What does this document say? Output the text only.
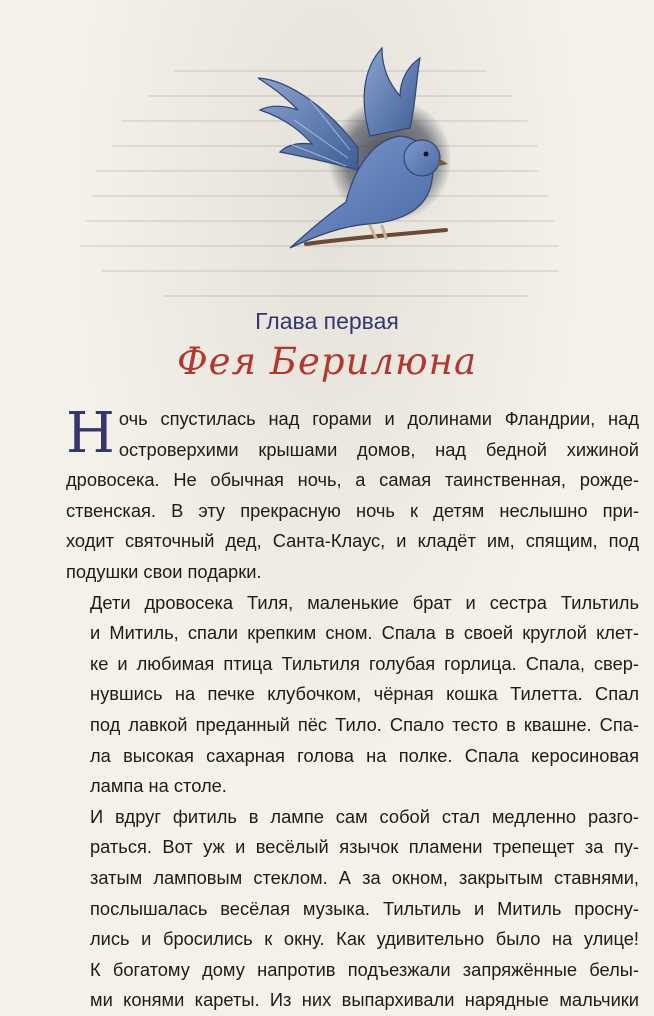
Глава первая
Фея Берилюна

Н очь спустилась над горами и долинами Фландрии, над
островерхими крышами домов, над бедной хижиной
дровосека. Не обычная ночь, а самая таинственная, рожде-
ственская. В эту прекрасную ночь к детям неслышно при-
ходит святочный дед, Санта-Клаус, и кладёт им, спящим, под
подушки свои подарки.

Дети дровосека Тиля, маленькие брат и сестра Тильтиль
и Митиль, спали крепким сном. Спала в своей круглой клет-
ке и любимая птица Тильтиля голубая горлица. Спала, свер-
нувшись на печке клубочком, чёрная кошка Тилетта. Спал
под лавкой преданный пёс Тило. Спало тесто в квашне. Спа-
ла высокая сахарная голова на полке. Спала керосиновая
лампа на столе.

И вдруг фитиль в лампе сам собой стал медленно разго-
раться. Вот уж и весёлый язычок пламени трепещет за пу-
затым ламповым стеклом. А за окном, закрытым ставнями,
послышалась весёлая музыка. Тильтиль и Митиль проснy-
лись и бросились к окну. Как удивительно было на улице!
К богатому дому напротив подъезжали запряжённые белы-
ми конями кареты. Из них выпархивали нарядные мальчики
